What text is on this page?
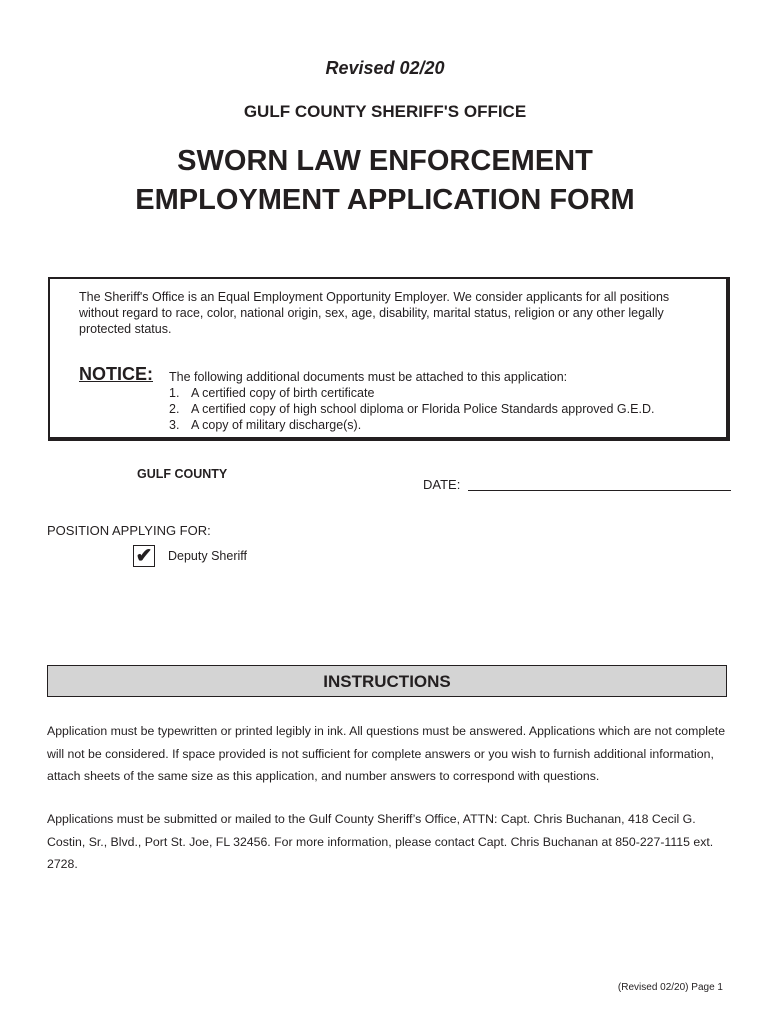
Revised 02/20
GULF COUNTY SHERIFF'S OFFICE
SWORN LAW ENFORCEMENT
EMPLOYMENT APPLICATION FORM
The Sheriff's Office is an Equal Employment Opportunity Employer. We consider applicants for all positions without regard to race, color, national origin, sex, age, disability, marital status, religion or any other legally protected status.
NOTICE: The following additional documents must be attached to this application:
1. A certified copy of birth certificate
2. A certified copy of high school diploma or Florida Police Standards approved G.E.D.
3. A copy of military discharge(s).
GULF COUNTY
DATE:
POSITION APPLYING FOR:
✔ Deputy Sheriff
INSTRUCTIONS
Application must be typewritten or printed legibly in ink. All questions must be answered. Applications which are not complete will not be considered. If space provided is not sufficient for complete answers or you wish to furnish additional information, attach sheets of the same size as this application, and number answers to correspond with questions.
Applications must be submitted or mailed to the Gulf County Sheriff’s Office, ATTN: Capt. Chris Buchanan, 418 Cecil G. Costin, Sr., Blvd., Port St. Joe, FL 32456. For more information, please contact Capt. Chris Buchanan at 850-227-1115 ext. 2728.
(Revised 02/20) Page 1
